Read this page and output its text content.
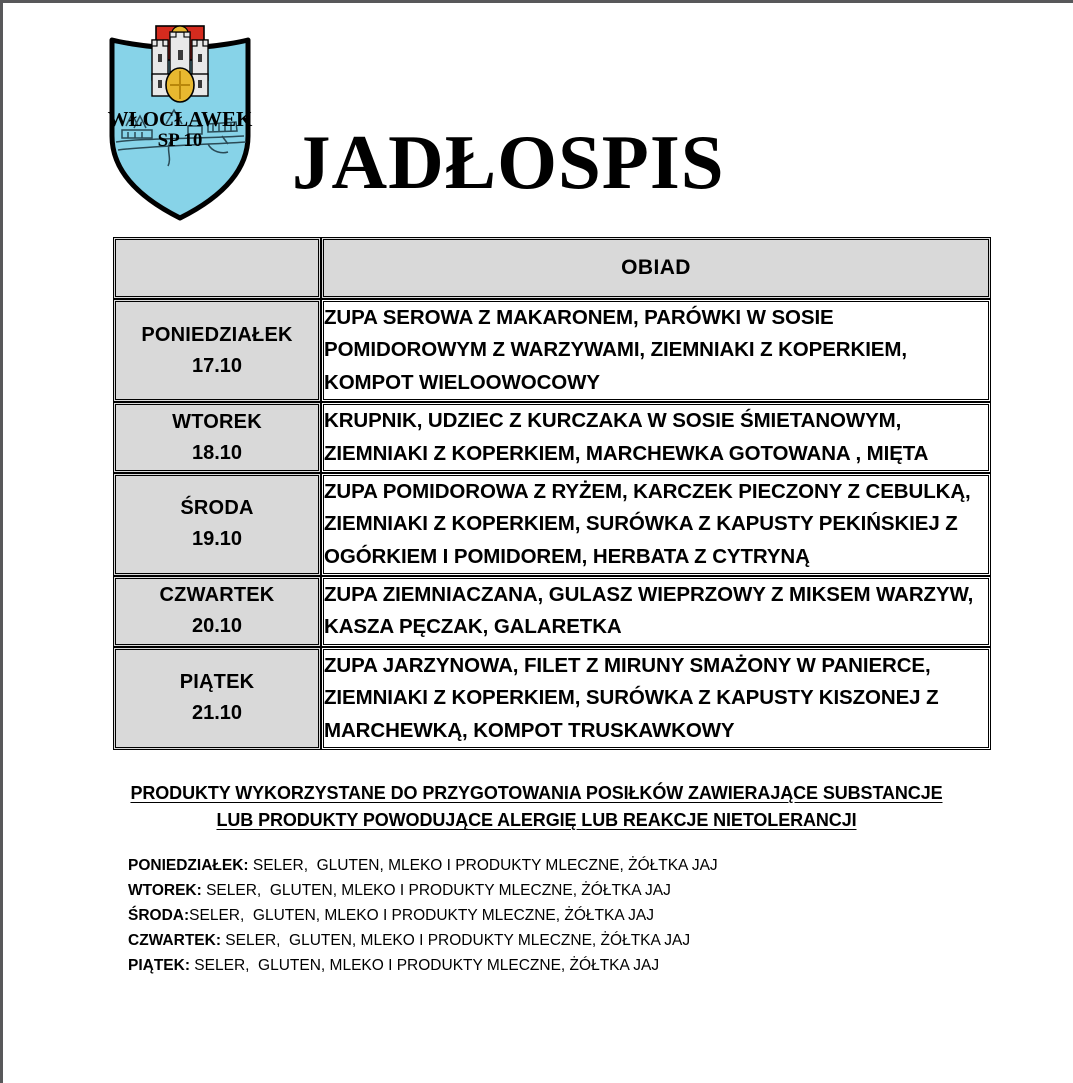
WŁOCŁAWEK
SP 10 JADŁOSPIS
	OBIAD

PONIEDZIAŁEK
17.10	ZUPA SEROWA Z MAKARONEM, PARÓWKI W SOSIE POMIDOROWYM Z WARZYWAMI, ZIEMNIAKI Z KOPERKIEM, KOMPOT WIELOOWOCOWY

WTOREK
18.10	KRUPNIK, UDZIEC Z KURCZAKA W SOSIE ŚMIETANOWYM, ZIEMNIAKI Z KOPERKIEM, MARCHEWKA GOTOWANA , MIĘTA

ŚRODA
19.10	ZUPA POMIDOROWA Z RYŻEM, KARCZEK PIECZONY Z CEBULKĄ, ZIEMNIAKI Z KOPERKIEM, SURÓWKA Z KAPUSTY PEKIŃSKIEJ Z OGÓRKIEM I POMIDOREM, HERBATA Z CYTRYNĄ

CZWARTEK
20.10	ZUPA ZIEMNIACZANA, GULASZ WIEPRZOWY Z MIKSEM WARZYW, KASZA PĘCZAK, GALARETKA

PIĄTEK
21.10	ZUPA JARZYNOWA, FILET Z MIRUNY SMAŻONY W PANIERCE, ZIEMNIAKI Z KOPERKIEM, SURÓWKA Z KAPUSTY KISZONEJ Z MARCHEWKĄ, KOMPOT TRUSKAWKOWY
PRODUKTY WYKORZYSTANE DO PRZYGOTOWANIA POSIŁKÓW ZAWIERAJĄCE SUBSTANCJE
LUB PRODUKTY POWODUJĄCE ALERGIĘ LUB REAKCJE NIETOLERANCJI
PONIEDZIAŁEK: SELER,  GLUTEN, MLEKO I PRODUKTY MLECZNE, ŻÓŁTKA JAJ
WTOREK: SELER,  GLUTEN, MLEKO I PRODUKTY MLECZNE, ŻÓŁTKA JAJ
ŚRODA:SELER,  GLUTEN, MLEKO I PRODUKTY MLECZNE, ŻÓŁTKA JAJ
CZWARTEK: SELER,  GLUTEN, MLEKO I PRODUKTY MLECZNE, ŻÓŁTKA JAJ
PIĄTEK: SELER,  GLUTEN, MLEKO I PRODUKTY MLECZNE, ŻÓŁTKA JAJ
